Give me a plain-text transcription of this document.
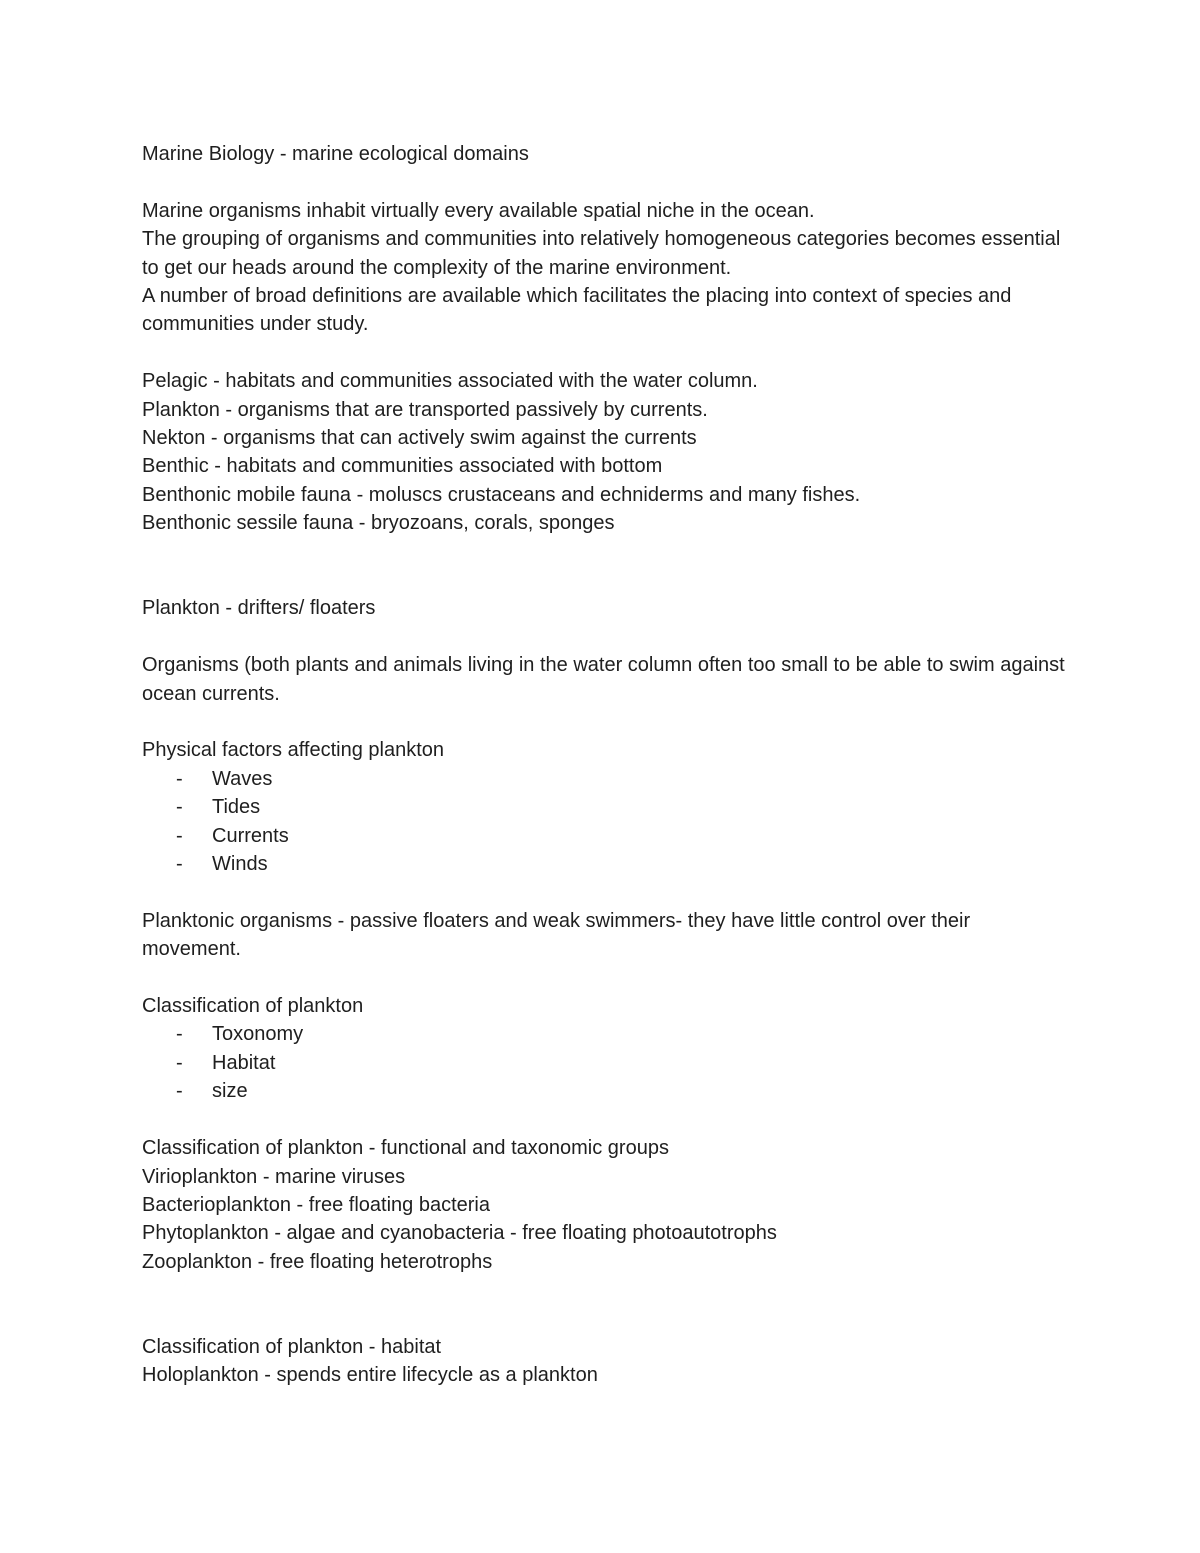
Marine Biology - marine ecological domains

Marine organisms inhabit virtually every available spatial niche in the ocean.

The grouping of organisms and communities into relatively homogeneous categories becomes essential to get our heads around the complexity of the marine environment.

A number of broad definitions are available which facilitates the placing into context of species and communities under study.

Pelagic - habitats and communities associated with the water column.

Plankton - organisms that are transported passively by currents.

Nekton - organisms that can actively swim against the currents

Benthic - habitats and communities associated with bottom

Benthonic mobile fauna - moluscs crustaceans and echniderms and many fishes.

Benthonic sessile fauna - bryozoans, corals, sponges

Plankton - drifters/ floaters

Organisms (both plants and animals living in the water column often too small to be able to swim against ocean currents.

Physical factors affecting plankton

- Waves
- Tides
- Currents
- Winds

Planktonic organisms - passive floaters and weak swimmers- they have little control over their movement.

Classification of plankton

- Toxonomy
- Habitat
- size

Classification of plankton - functional and taxonomic groups

Virioplankton - marine viruses

Bacterioplankton - free floating bacteria

Phytoplankton - algae and cyanobacteria - free floating photoautotrophs

Zooplankton - free floating heterotrophs

Classification of plankton - habitat

Holoplankton - spends entire lifecycle as a plankton
